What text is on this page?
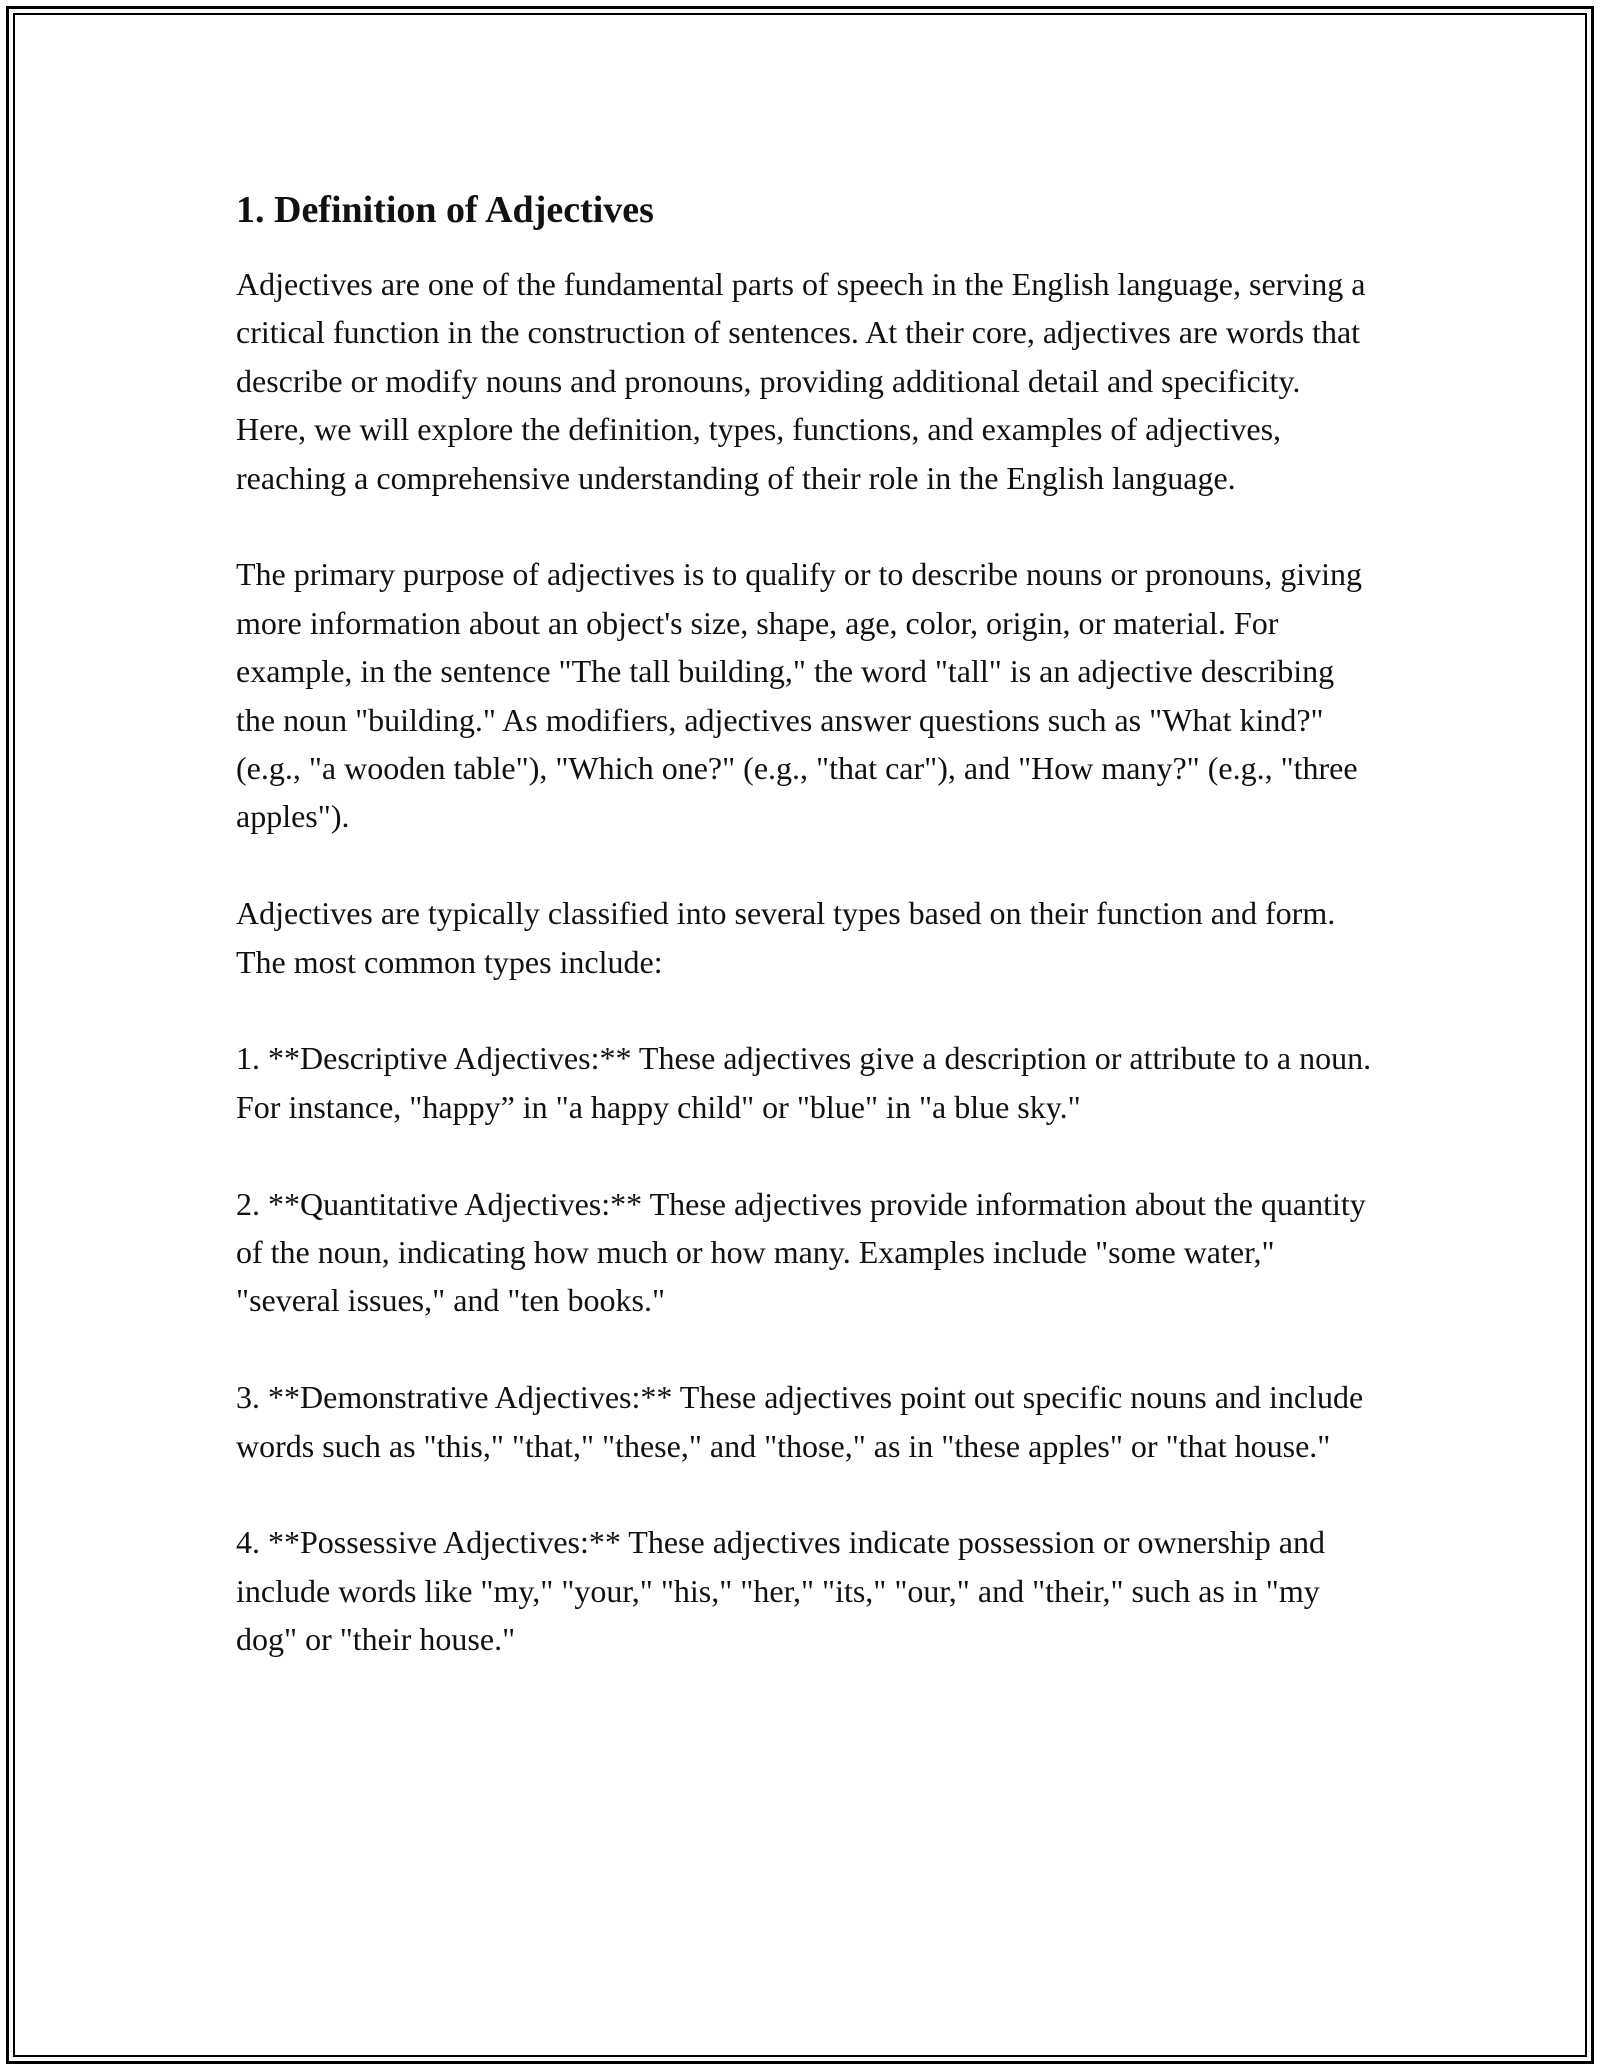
1. Definition of Adjectives

Adjectives are one of the fundamental parts of speech in the English language, serving a critical function in the construction of sentences. At their core, adjectives are words that describe or modify nouns and pronouns, providing additional detail and specificity. Here, we will explore the definition, types, functions, and examples of adjectives, reaching a comprehensive understanding of their role in the English language.

The primary purpose of adjectives is to qualify or to describe nouns or pronouns, giving more information about an object's size, shape, age, color, origin, or material. For example, in the sentence "The tall building," the word "tall" is an adjective describing the noun "building." As modifiers, adjectives answer questions such as "What kind?" (e.g., "a wooden table"), "Which one?" (e.g., "that car"), and "How many?" (e.g., "three apples").

Adjectives are typically classified into several types based on their function and form. The most common types include:

1. **Descriptive Adjectives:** These adjectives give a description or attribute to a noun. For instance, "happy” in "a happy child" or "blue" in "a blue sky."

2. **Quantitative Adjectives:** These adjectives provide information about the quantity of the noun, indicating how much or how many. Examples include "some water," "several issues," and "ten books."

3. **Demonstrative Adjectives:** These adjectives point out specific nouns and include words such as "this," "that," "these," and "those," as in "these apples" or "that house."

4. **Possessive Adjectives:** These adjectives indicate possession or ownership and include words like "my," "your," "his," "her," "its," "our," and "their," such as in "my dog" or "their house."
